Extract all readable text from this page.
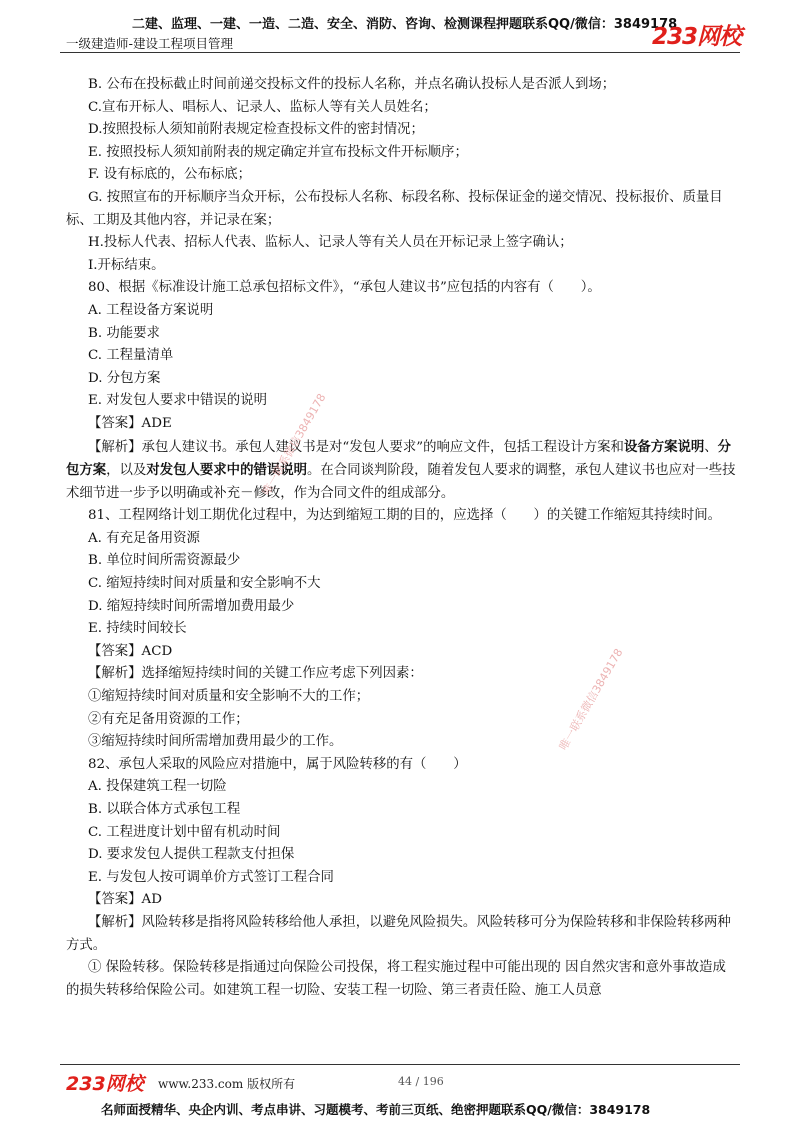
二建、监理、一建、一造、二造、安全、消防、咨询、检测课程押题联系QQ/微信：3849178
一级建造师-建设工程项目管理	233网校

B. 公布在投标截止时间前递交投标文件的投标人名称，并点名确认投标人是否派人到场；

C.宣布开标人、唱标人、记录人、监标人等有关人员姓名；

D.按照投标人须知前附表规定检查投标文件的密封情况；

E. 按照投标人须知前附表的规定确定并宣布投标文件开标顺序；

F. 设有标底的，公布标底；

G. 按照宣布的开标顺序当众开标，公布投标人名称、标段名称、投标保证金的递交情况、投标报价、质量目标、工期及其他内容，并记录在案；

H.投标人代表、招标人代表、监标人、记录人等有关人员在开标记录上签字确认；

I.开标结束。

80、根据《标准设计施工总承包招标文件》，“承包人建议书”应包括的内容有（　　）。

A. 工程设备方案说明

B. 功能要求

C. 工程量清单

D. 分包方案

E. 对发包人要求中错误的说明

【答案】ADE

【解析】承包人建议书。承包人建议书是对“发包人要求”的响应文件，包括工程设计方案和设备方案说明、分包方案，以及对发包人要求中的错误说明。在合同谈判阶段，随着发包人要求的调整，承包人建议书也应对一些技术细节进一步予以明确或补充－修改，作为合同文件的组成部分。

81、工程网络计划工期优化过程中，为达到缩短工期的目的，应选择（　　）的关键工作缩短其持续时间。

A. 有充足备用资源

B. 单位时间所需资源最少

C. 缩短持续时间对质量和安全影响不大

D. 缩短持续时间所需增加费用最少

E. 持续时间较长

【答案】ACD

【解析】选择缩短持续时间的关键工作应考虑下列因素：

①缩短持续时间对质量和安全影响不大的工作；

②有充足备用资源的工作；

③缩短持续时间所需增加费用最少的工作。

82、承包人采取的风险应对措施中，属于风险转移的有（　　）

A. 投保建筑工程一切险

B. 以联合体方式承包工程

C. 工程进度计划中留有机动时间

D. 要求发包人提供工程款支付担保

E. 与发包人按可调单价方式签订工程合同

【答案】AD

【解析】风险转移是指将风险转移给他人承担，以避免风险损失。风险转移可分为保险转移和非保险转移两种方式。

① 保险转移。保险转移是指通过向保险公司投保，将工程实施过程中可能出现的 因自然灾害和意外事故造成的损失转移给保险公司。如建筑工程一切险、安装工程一切险、第三者责任险、施工人员意

唯一联系微信3849178
唯一联系微信3849178
233网校 www.233.com 版权所有	44 / 196
名师面授精华、央企内训、考点串讲、习题模考、考前三页纸、绝密押题联系QQ/微信：3849178
